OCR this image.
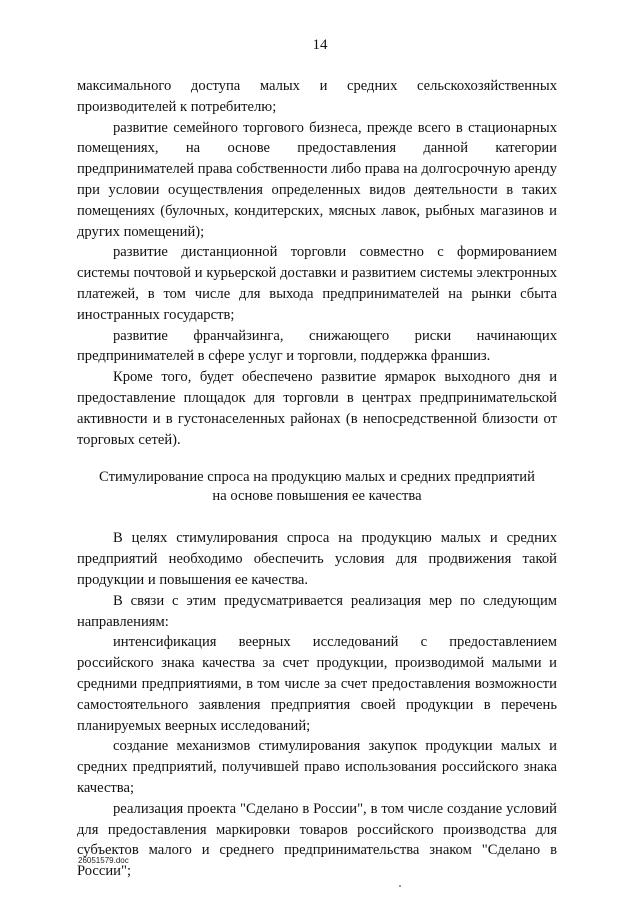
14

максимального доступа малых и средних сельскохозяйственных производителей к потребителю;

развитие семейного торгового бизнеса, прежде всего в стационарных помещениях, на основе предоставления данной категории предпринимателей права собственности либо права на долгосрочную аренду при условии осуществления определенных видов деятельности в таких помещениях (булочных, кондитерских, мясных лавок, рыбных магазинов и других помещений);

развитие дистанционной торговли совместно с формированием системы почтовой и курьерской доставки и развитием системы электронных платежей, в том числе для выхода предпринимателей на рынки сбыта иностранных государств;

развитие франчайзинга, снижающего риски начинающих предпринимателей в сфере услуг и торговли, поддержка франшиз.

Кроме того, будет обеспечено развитие ярмарок выходного дня и предоставление площадок для торговли в центрах предпринимательской активности и в густонаселенных районах (в непосредственной близости от торговых сетей).

Стимулирование спроса на продукцию малых и средних предприятий
на основе повышения ее качества

В целях стимулирования спроса на продукцию малых и средних предприятий необходимо обеспечить условия для продвижения такой продукции и повышения ее качества.

В связи с этим предусматривается реализация мер по следующим направлениям:

интенсификация веерных исследований с предоставлением российского знака качества за счет продукции, производимой малыми и средними предприятиями, в том числе за счет предоставления возможности самостоятельного заявления предприятия своей продукции в перечень планируемых веерных исследований;

создание механизмов стимулирования закупок продукции малых и средних предприятий, получившей право использования российского знака качества;

реализация проекта "Сделано в России", в том числе создание условий для предоставления маркировки товаров российского производства для субъектов малого и среднего предпринимательства знаком "Сделано в России";

26051579.doc
